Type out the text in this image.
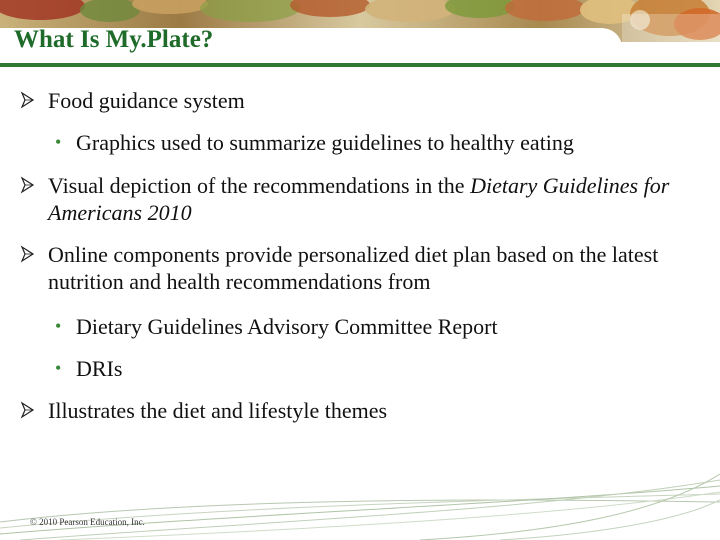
What Is My.Plate?
Food guidance system
• Graphics used to summarize guidelines to healthy eating
Visual depiction of the recommendations in the Dietary Guidelines for Americans 2010
Online components provide personalized diet plan based on the latest nutrition and health recommendations from
• Dietary Guidelines Advisory Committee Report
• DRIs
Illustrates the diet and lifestyle themes
© 2010 Pearson Education, Inc.
